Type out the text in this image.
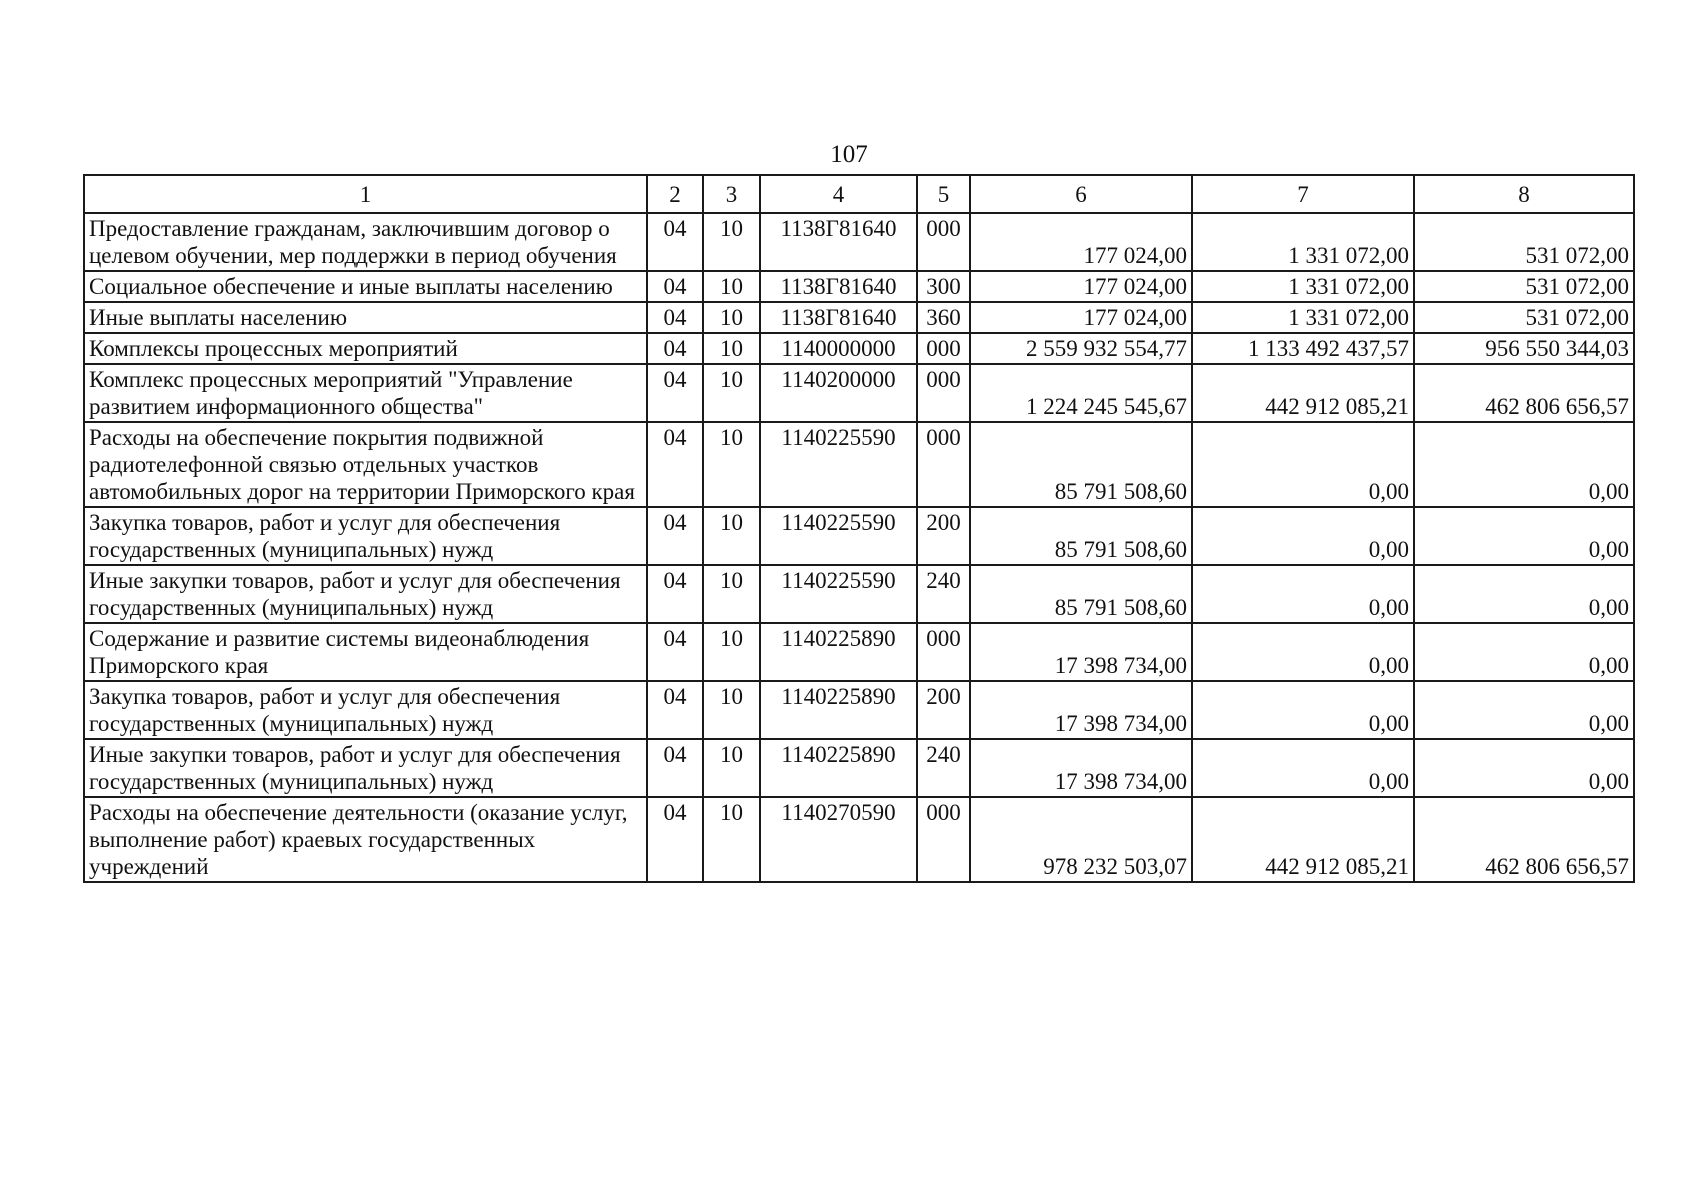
107
1	2	3	4	5	6	7	8
Предоставление гражданам, заключившим договор о целевом обучении, мер поддержки в период обучения	04	10	1138Г81640	000	177 024,00	1 331 072,00	531 072,00
Социальное обеспечение и иные выплаты населению	04	10	1138Г81640	300	177 024,00	1 331 072,00	531 072,00
Иные выплаты населению	04	10	1138Г81640	360	177 024,00	1 331 072,00	531 072,00
Комплексы процессных мероприятий	04	10	1140000000	000	2 559 932 554,77	1 133 492 437,57	956 550 344,03
Комплекс процессных мероприятий "Управление развитием информационного общества"	04	10	1140200000	000	1 224 245 545,67	442 912 085,21	462 806 656,57
Расходы на обеспечение покрытия подвижной радиотелефонной связью отдельных участков автомобильных дорог на территории Приморского края	04	10	1140225590	000	85 791 508,60	0,00	0,00
Закупка товаров, работ и услуг для обеспечения государственных (муниципальных) нужд	04	10	1140225590	200	85 791 508,60	0,00	0,00
Иные закупки товаров, работ и услуг для обеспечения государственных (муниципальных) нужд	04	10	1140225590	240	85 791 508,60	0,00	0,00
Содержание и развитие системы видеонаблюдения Приморского края	04	10	1140225890	000	17 398 734,00	0,00	0,00
Закупка товаров, работ и услуг для обеспечения государственных (муниципальных) нужд	04	10	1140225890	200	17 398 734,00	0,00	0,00
Иные закупки товаров, работ и услуг для обеспечения государственных (муниципальных) нужд	04	10	1140225890	240	17 398 734,00	0,00	0,00
Расходы на обеспечение деятельности (оказание услуг, выполнение работ) краевых государственных учреждений	04	10	1140270590	000	978 232 503,07	442 912 085,21	462 806 656,57
